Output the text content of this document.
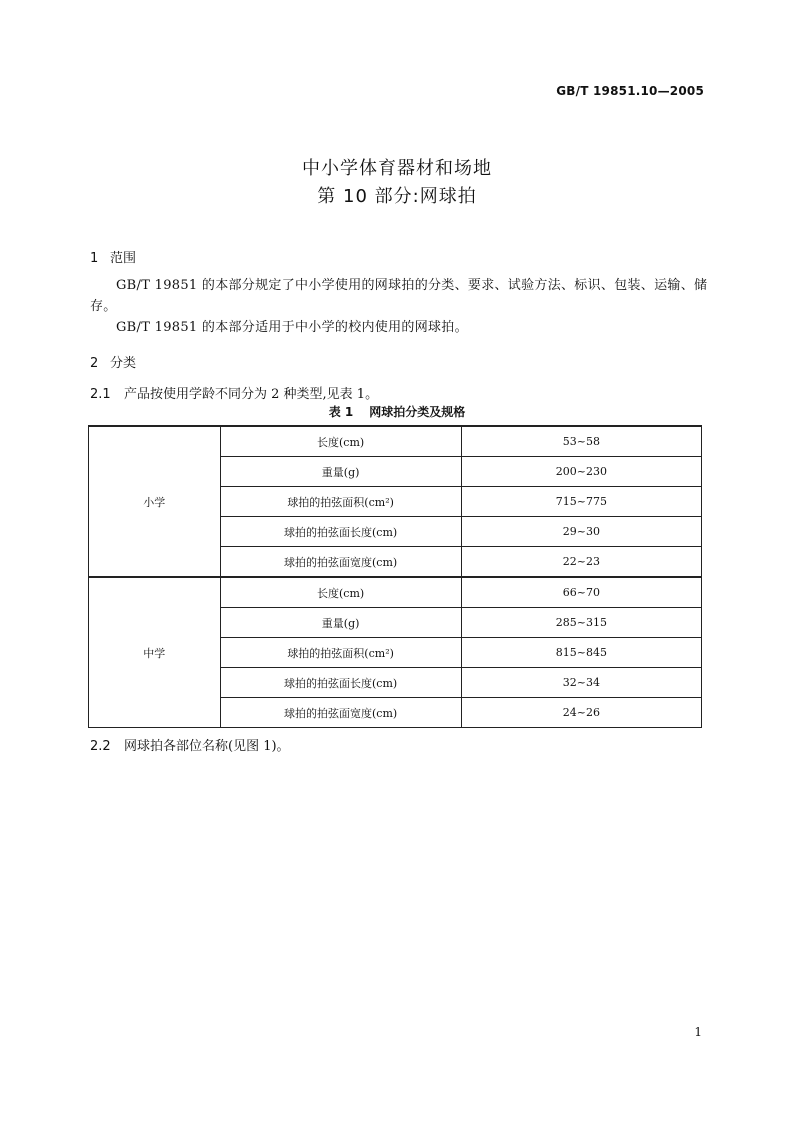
GB/T 19851.10—2005
中小学体育器材和场地
第 10 部分:网球拍
1 范围
GB/T 19851 的本部分规定了中小学使用的网球拍的分类、要求、试验方法、标识、包装、运输、储存。
GB/T 19851 的本部分适用于中小学的校内使用的网球拍。
2 分类
2.1 产品按使用学龄不同分为 2 种类型,见表 1。
表 1 网球拍分类及规格
小学	长度(cm)	53~58
	重量(g)	200~230
	球拍的拍弦面积(cm²)	715~775
	球拍的拍弦面长度(cm)	29~30
	球拍的拍弦面宽度(cm)	22~23
中学	长度(cm)	66~70
	重量(g)	285~315
	球拍的拍弦面积(cm²)	815~845
	球拍的拍弦面长度(cm)	32~34
	球拍的拍弦面宽度(cm)	24~26
2.2 网球拍各部位名称(见图 1)。
1
